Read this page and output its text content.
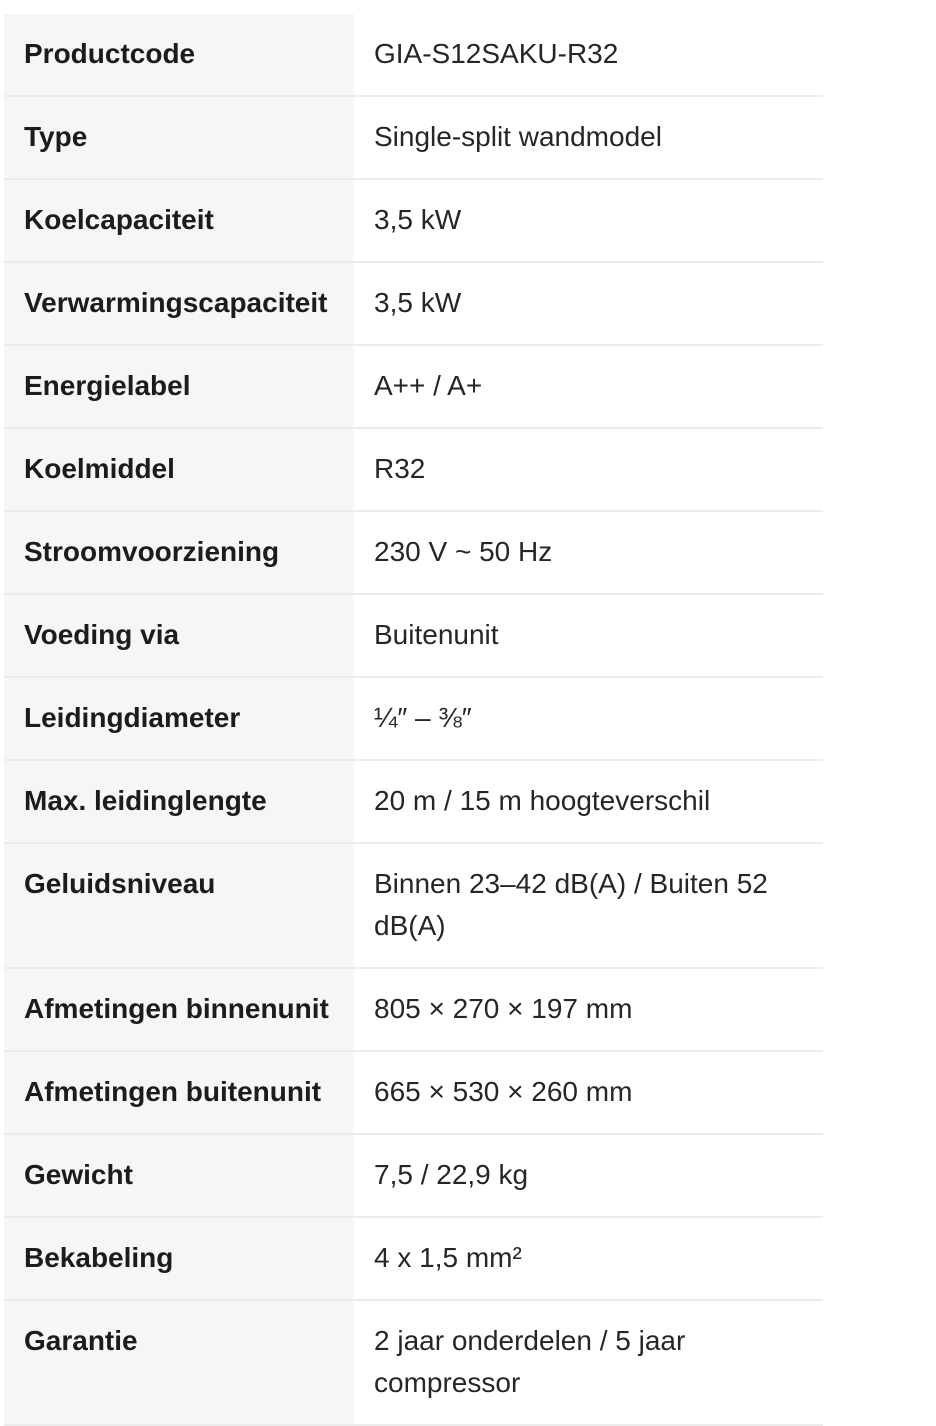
Productcode	GIA-S12SAKU-R32
Type	Single-split wandmodel
Koelcapaciteit	3,5 kW
Verwarmingscapaciteit	3,5 kW
Energielabel	A++ / A+
Koelmiddel	R32
Stroomvoorziening	230 V ~ 50 Hz
Voeding via	Buitenunit
Leidingdiameter	¼″ – ⅜″
Max. leidinglengte	20 m / 15 m hoogteverschil
Geluidsniveau	Binnen 23–42 dB(A) / Buiten 52 dB(A)
Afmetingen binnenunit	805 × 270 × 197 mm
Afmetingen buitenunit	665 × 530 × 260 mm
Gewicht	7,5 / 22,9 kg
Bekabeling	4 x 1,5 mm²
Garantie	2 jaar onderdelen / 5 jaar compressor
